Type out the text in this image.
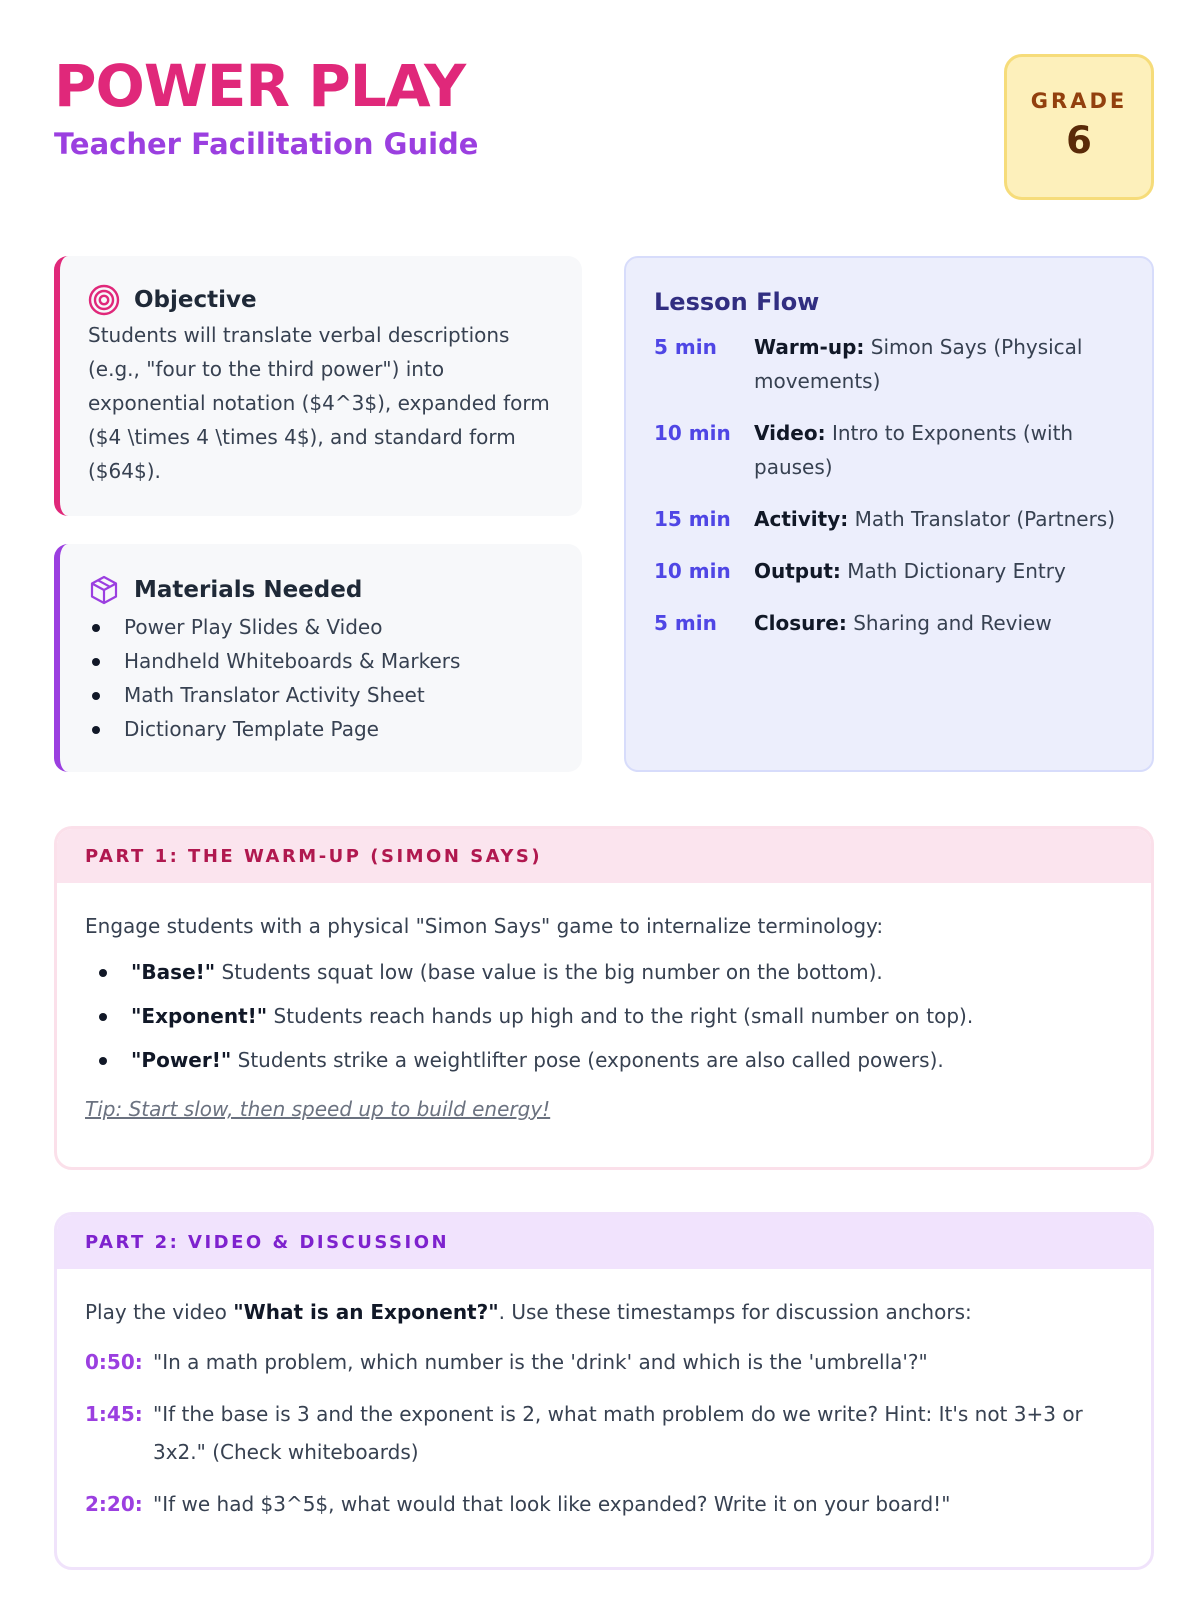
POWER PLAY
Teacher Facilitation Guide
GRADE
6
Objective

Students will translate verbal descriptions (e.g., "four to the third power") into exponential notation ($4^3$), expanded form ($4 \times 4 \times 4$), and standard form ($64$).

Materials Needed
Power Play Slides & Video
Handheld Whiteboards & Markers
Math Translator Activity Sheet
Dictionary Template Page
Lesson Flow
5 min	Warm-up: Simon Says (Physical movements)
10 min	Video: Intro to Exponents (with pauses)
15 min	Activity: Math Translator (Partners)
10 min	Output: Math Dictionary Entry
5 min	Closure: Sharing and Review
PART 1: THE WARM-UP (SIMON SAYS)

Engage students with a physical "Simon Says" game to internalize terminology:

"Base!" Students squat low (base value is the big number on the bottom).
"Exponent!" Students reach hands up high and to the right (small number on top).
"Power!" Students strike a weightlifter pose (exponents are also called powers).
Tip: Start slow, then speed up to build energy!
PART 2: VIDEO & DISCUSSION

Play the video "What is an Exponent?". Use these timestamps for discussion anchors:

0:50: "In a math problem, which number is the 'drink' and which is the 'umbrella'?"
1:45: "If the base is 3 and the exponent is 2, what math problem do we write? Hint: It's not 3+3 or 3x2." (Check whiteboards)
2:20: "If we had $3^5$, what would that look like expanded? Write it on your board!"
